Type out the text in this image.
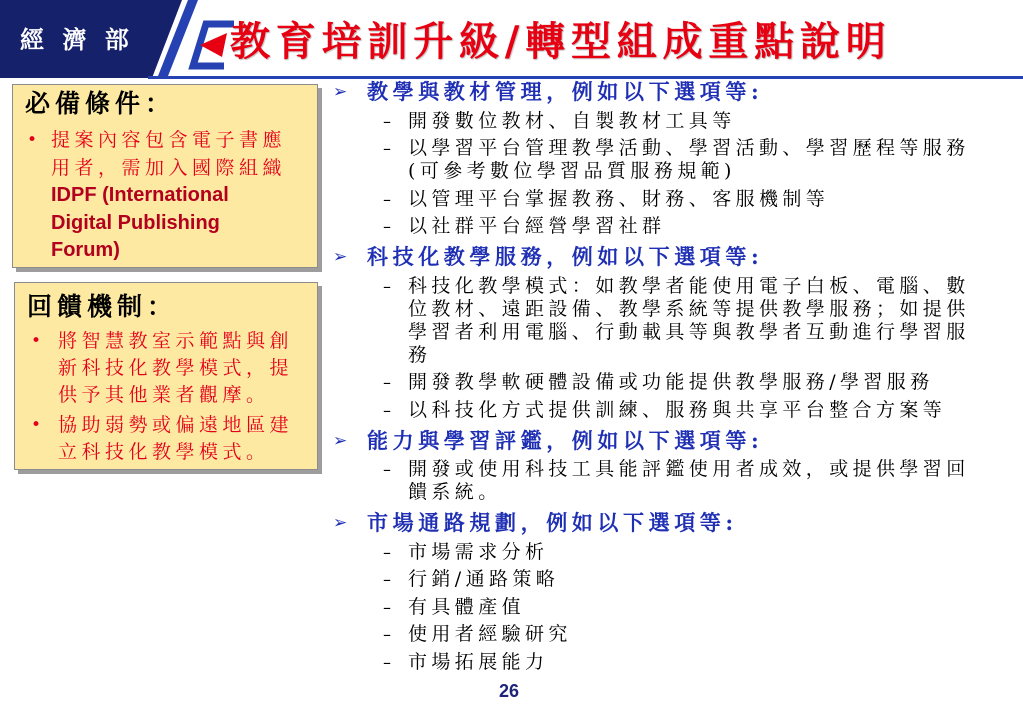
經 濟 部 教育培訓升級/轉型組成重點說明
必備條件：
• 提案內容包含電子書應
用者，需加入國際組織
IDPF (International
Digital Publishing
Forum)
回饋機制：
• 將智慧教室示範點與創
新科技化教學模式，提
供予其他業者觀摩。
• 協助弱勢或偏遠地區建
立科技化教學模式。
➢ 教學與教材管理，例如以下選項等:
– 開發數位教材、自製教材工具等
– 以學習平台管理教學活動、學習活動、學習歷程等服務
(可參考數位學習品質服務規範)
– 以管理平台掌握教務、財務、客服機制等
– 以社群平台經營學習社群
➢ 科技化教學服務，例如以下選項等:
– 科技化教學模式：如教學者能使用電子白板、電腦、數
位教材、遠距設備、教學系統等提供教學服務；如提供
學習者利用電腦、行動載具等與教學者互動進行學習服
務
– 開發教學軟硬體設備或功能提供教學服務/學習服務
– 以科技化方式提供訓練、服務與共享平台整合方案等
➢ 能力與學習評鑑，例如以下選項等:
– 開發或使用科技工具能評鑑使用者成效，或提供學習回
饋系統。
➢ 市場通路規劃，例如以下選項等:
– 市場需求分析
– 行銷/通路策略
– 有具體產值
– 使用者經驗研究
– 市場拓展能力
26
